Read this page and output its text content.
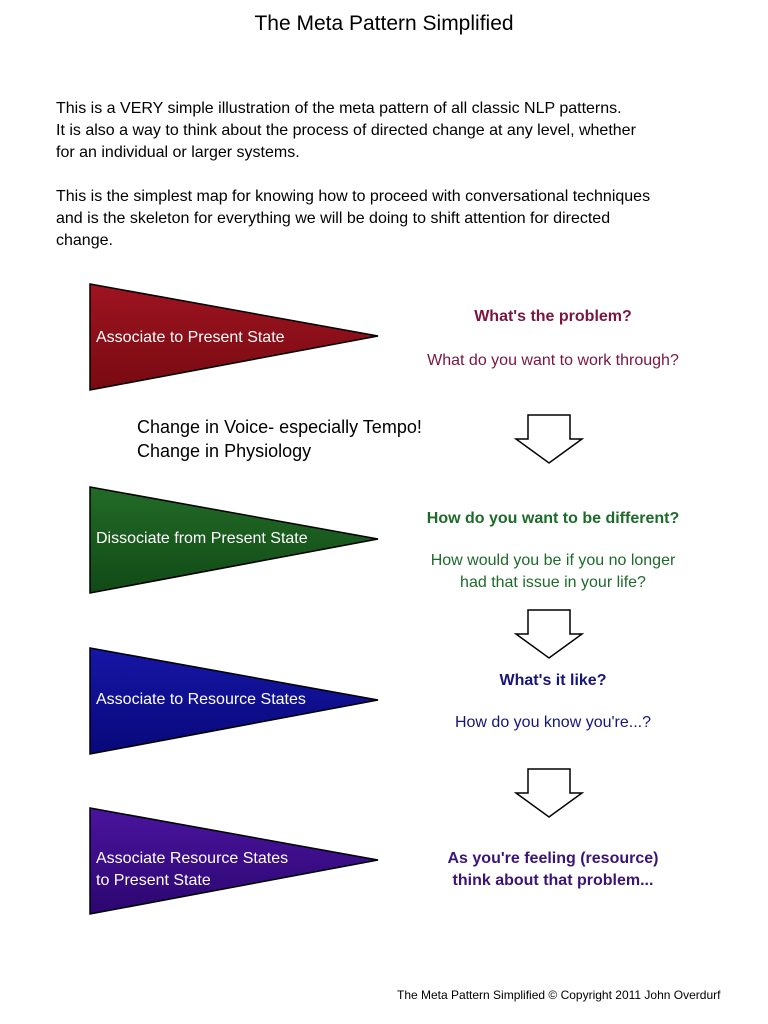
The Meta Pattern Simplified

This is a VERY simple illustration of the meta pattern of all classic NLP patterns.
It is also a way to think about the process of directed change at any level, whether
for an individual or larger systems.

This is the simplest map for knowing how to proceed with conversational techniques
and is the skeleton for everything we will be doing to shift attention for directed
change.

Associate to Present State
What's the problem?
What do you want to work through?
Change in Voice- especially Tempo!
Change in Physiology
Dissociate from Present State
How do you want to be different?
How would you be if you no longer
had that issue in your life?
Associate to Resource States
What's it like?
How do you know you're...?
Associate Resource States
to Present State
As you're feeling (resource)
think about that problem...
The Meta Pattern Simplified © Copyright 2011 John Overdurf
